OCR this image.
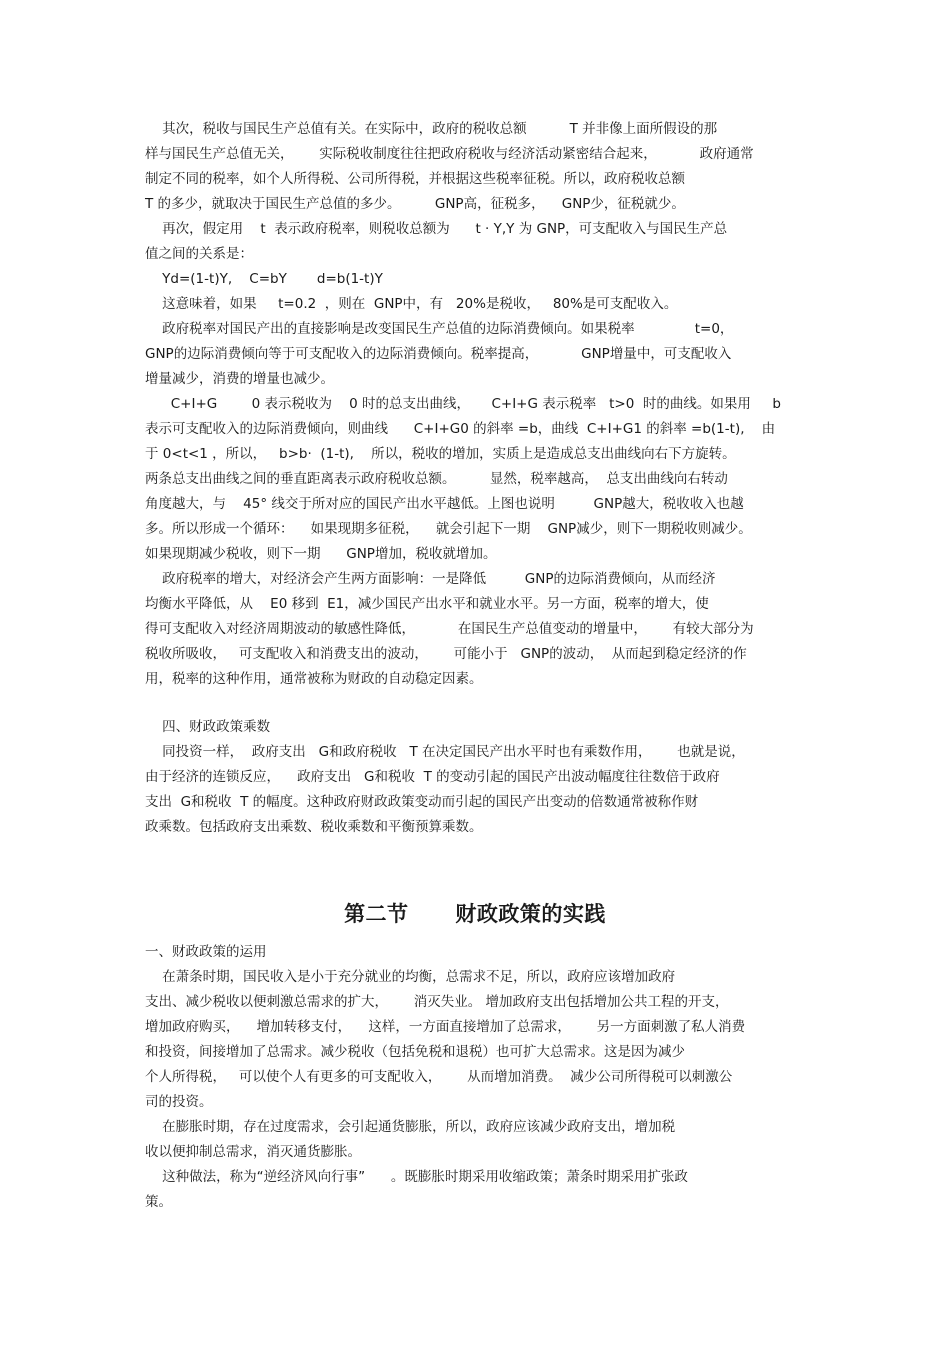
其次，税收与国民生产总值有关。在实际中，政府的税收总额          T 并非像上面所假设的那

样与国民生产总值无关，      实际税收制度往往把政府税收与经济活动紧密结合起来，          政府通常

制定不同的税率，如个人所得税、公司所得税，并根据这些税率征税。所以，政府税收总额

T 的多少，就取决于国民生产总值的多少。        GNP高，征税多，    GNP少，征税就少。

再次，假定用    t  表示政府税率，则税收总额为      t · Y,Y 为 GNP，可支配收入与国民生产总

值之间的关系是：

Yd=(1-t)Y,    C=bY       d=b(1-t)Y

这意味着，如果     t=0.2  ，则在  GNP中，有   20%是税收，   80%是可支配收入。

政府税率对国民产出的直接影响是改变国民生产总值的边际消费倾向。如果税率              t=0，

GNP的边际消费倾向等于可支配收入的边际消费倾向。税率提高，          GNP增量中，可支配收入

增量减少，消费的增量也减少。

C+I+G        0 表示税收为    0 时的总支出曲线，     C+I+G 表示税率   t>0  时的曲线。如果用     b

表示可支配收入的边际消费倾向，则曲线      C+I+G0 的斜率 =b，曲线  C+I+G1 的斜率 =b(1-t),    由

于 0<t<1 ，所以，   b>b·  (1-t),    所以，税收的增加，实质上是造成总支出曲线向右下方旋转。

两条总支出曲线之间的垂直距离表示政府税收总额。        显然，税率越高，  总支出曲线向右转动

角度越大，与    45° 线交于所对应的国民产出水平越低。上图也说明         GNP越大，税收收入也越

多。所以形成一个循环：    如果现期多征税，    就会引起下一期    GNP减少，则下一期税收则减少。

如果现期减少税收，则下一期      GNP增加，税收就增加。

政府税率的增大，对经济会产生两方面影响：一是降低         GNP的边际消费倾向，从而经济

均衡水平降低，从    E0 移到  E1，减少国民产出水平和就业水平。另一方面，税率的增大，使

得可支配收入对经济周期波动的敏感性降低，          在国民生产总值变动的增量中，      有较大部分为

税收所吸收，   可支配收入和消费支出的波动，      可能小于   GNP的波动，  从而起到稳定经济的作

用，税率的这种作用，通常被称为财政的自动稳定因素。

四、财政政策乘数

同投资一样，  政府支出   G和政府税收   T 在决定国民产出水平时也有乘数作用，      也就是说，

由于经济的连锁反应，    政府支出   G和税收  T 的变动引起的国民产出波动幅度往往数倍于政府

支出  G和税收  T 的幅度。这种政府财政政策变动而引起的国民产出变动的倍数通常被称作财

政乘数。包括政府支出乘数、税收乘数和平衡预算乘数。

一、财政政策的运用

在萧条时期，国民收入是小于充分就业的均衡，总需求不足，所以，政府应该增加政府

支出、减少税收以便刺激总需求的扩大，      消灭失业。 增加政府支出包括增加公共工程的开支，

增加政府购买，    增加转移支付，    这样，一方面直接增加了总需求，      另一方面刺激了私人消费

和投资，间接增加了总需求。减少税收（包括免税和退税）也可扩大总需求。这是因为减少

个人所得税，   可以使个人有更多的可支配收入，      从而增加消费。  减少公司所得税可以刺激公

司的投资。

在膨胀时期，存在过度需求，会引起通货膨胀，所以，政府应该减少政府支出，增加税

收以便抑制总需求，消灭通货膨胀。

这种做法，称为“逆经济风向行事”      。既膨胀时期采用收缩政策；萧条时期采用扩张政

策。

第二节      财政政策的实践
